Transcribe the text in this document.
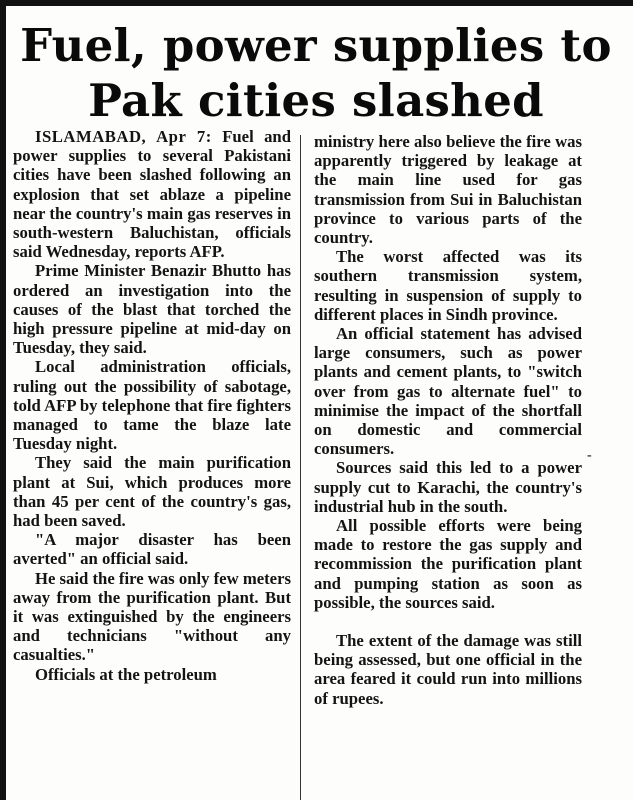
Fuel, power supplies to
Pak cities slashed

ISLAMABAD, Apr 7: Fuel and power supplies to several Pakistani cities have been slashed following an explosion that set ablaze a pipeline near the country's main gas reserves in south-western Baluchistan, officials said Wednesday, reports AFP.

Prime Minister Benazir Bhutto has ordered an investigation into the causes of the blast that torched the high pressure pipeline at mid-day on Tuesday, they said.

Local administration officials, ruling out the possibility of sabotage, told AFP by telephone that fire fighters managed to tame the blaze late Tuesday night.

They said the main purification plant at Sui, which produces more than 45 per cent of the country's gas, had been saved.

"A major disaster has been averted" an official said.

He said the fire was only few meters away from the purification plant. But it was extinguished by the engineers and technicians "without any casualties."

Officials at the petroleum

ministry here also believe the fire was apparently triggered by leakage at the main line used for gas transmission from Sui in Baluchistan province to various parts of the country.

The worst affected was its southern transmission system, resulting in suspension of supply to different places in Sindh province.

An official statement has advised large consumers, such as power plants and cement plants, to "switch over from gas to alternate fuel" to minimise the impact of the shortfall on domestic and commercial consumers.

Sources said this led to a power supply cut to Karachi, the country's industrial hub in the south.

All possible efforts were being made to restore the gas supply and recommission the purification plant and pumping station as soon as possible, the sources said.

The extent of the damage was still being assessed, but one official in the area feared it could run into millions of rupees.

-
